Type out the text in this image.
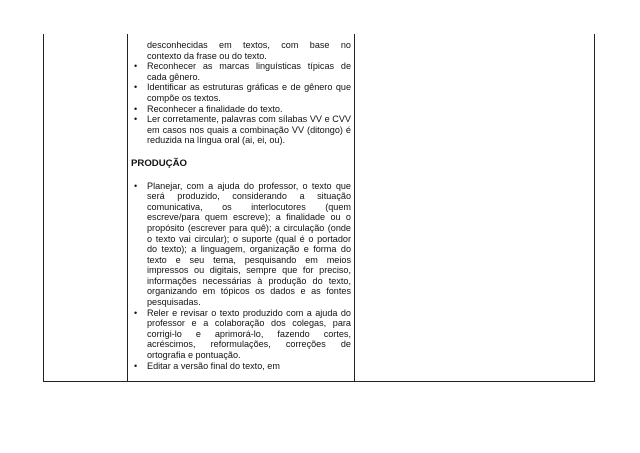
desconhecidas em textos, com base no

contexto da frase ou do texto.

• Reconhecer as marcas linguísticas típicas de cada gênero.
• Identificar as estruturas gráficas e de gênero que compõe os textos.
• Reconhecer a finalidade do texto.
• Ler corretamente, palavras com sílabas VV e CVV em casos nos quais a combinação VV (ditongo) é reduzida na língua oral (ai, ei, ou).
PRODUÇÃO
• Planejar, com a ajuda do professor, o texto que será produzido, considerando a situação comunicativa, os interlocutores (quem escreve/para quem escreve); a finalidade ou o propósito (escrever para quê); a circulação (onde o texto vai circular); o suporte (qual é o portador do texto); a linguagem, organização e forma do texto e seu tema, pesquisando em meios impressos ou digitais, sempre que for preciso, informações necessárias à produção do texto, organizando em tópicos os dados e as fontes pesquisadas.
• Reler e revisar o texto produzido com a ajuda do professor e a colaboração dos colegas, para corrigi-lo e aprimorá-lo, fazendo cortes, acréscimos, reformulações, correções de ortografia e pontuação.
• Editar a versão final do texto, em
